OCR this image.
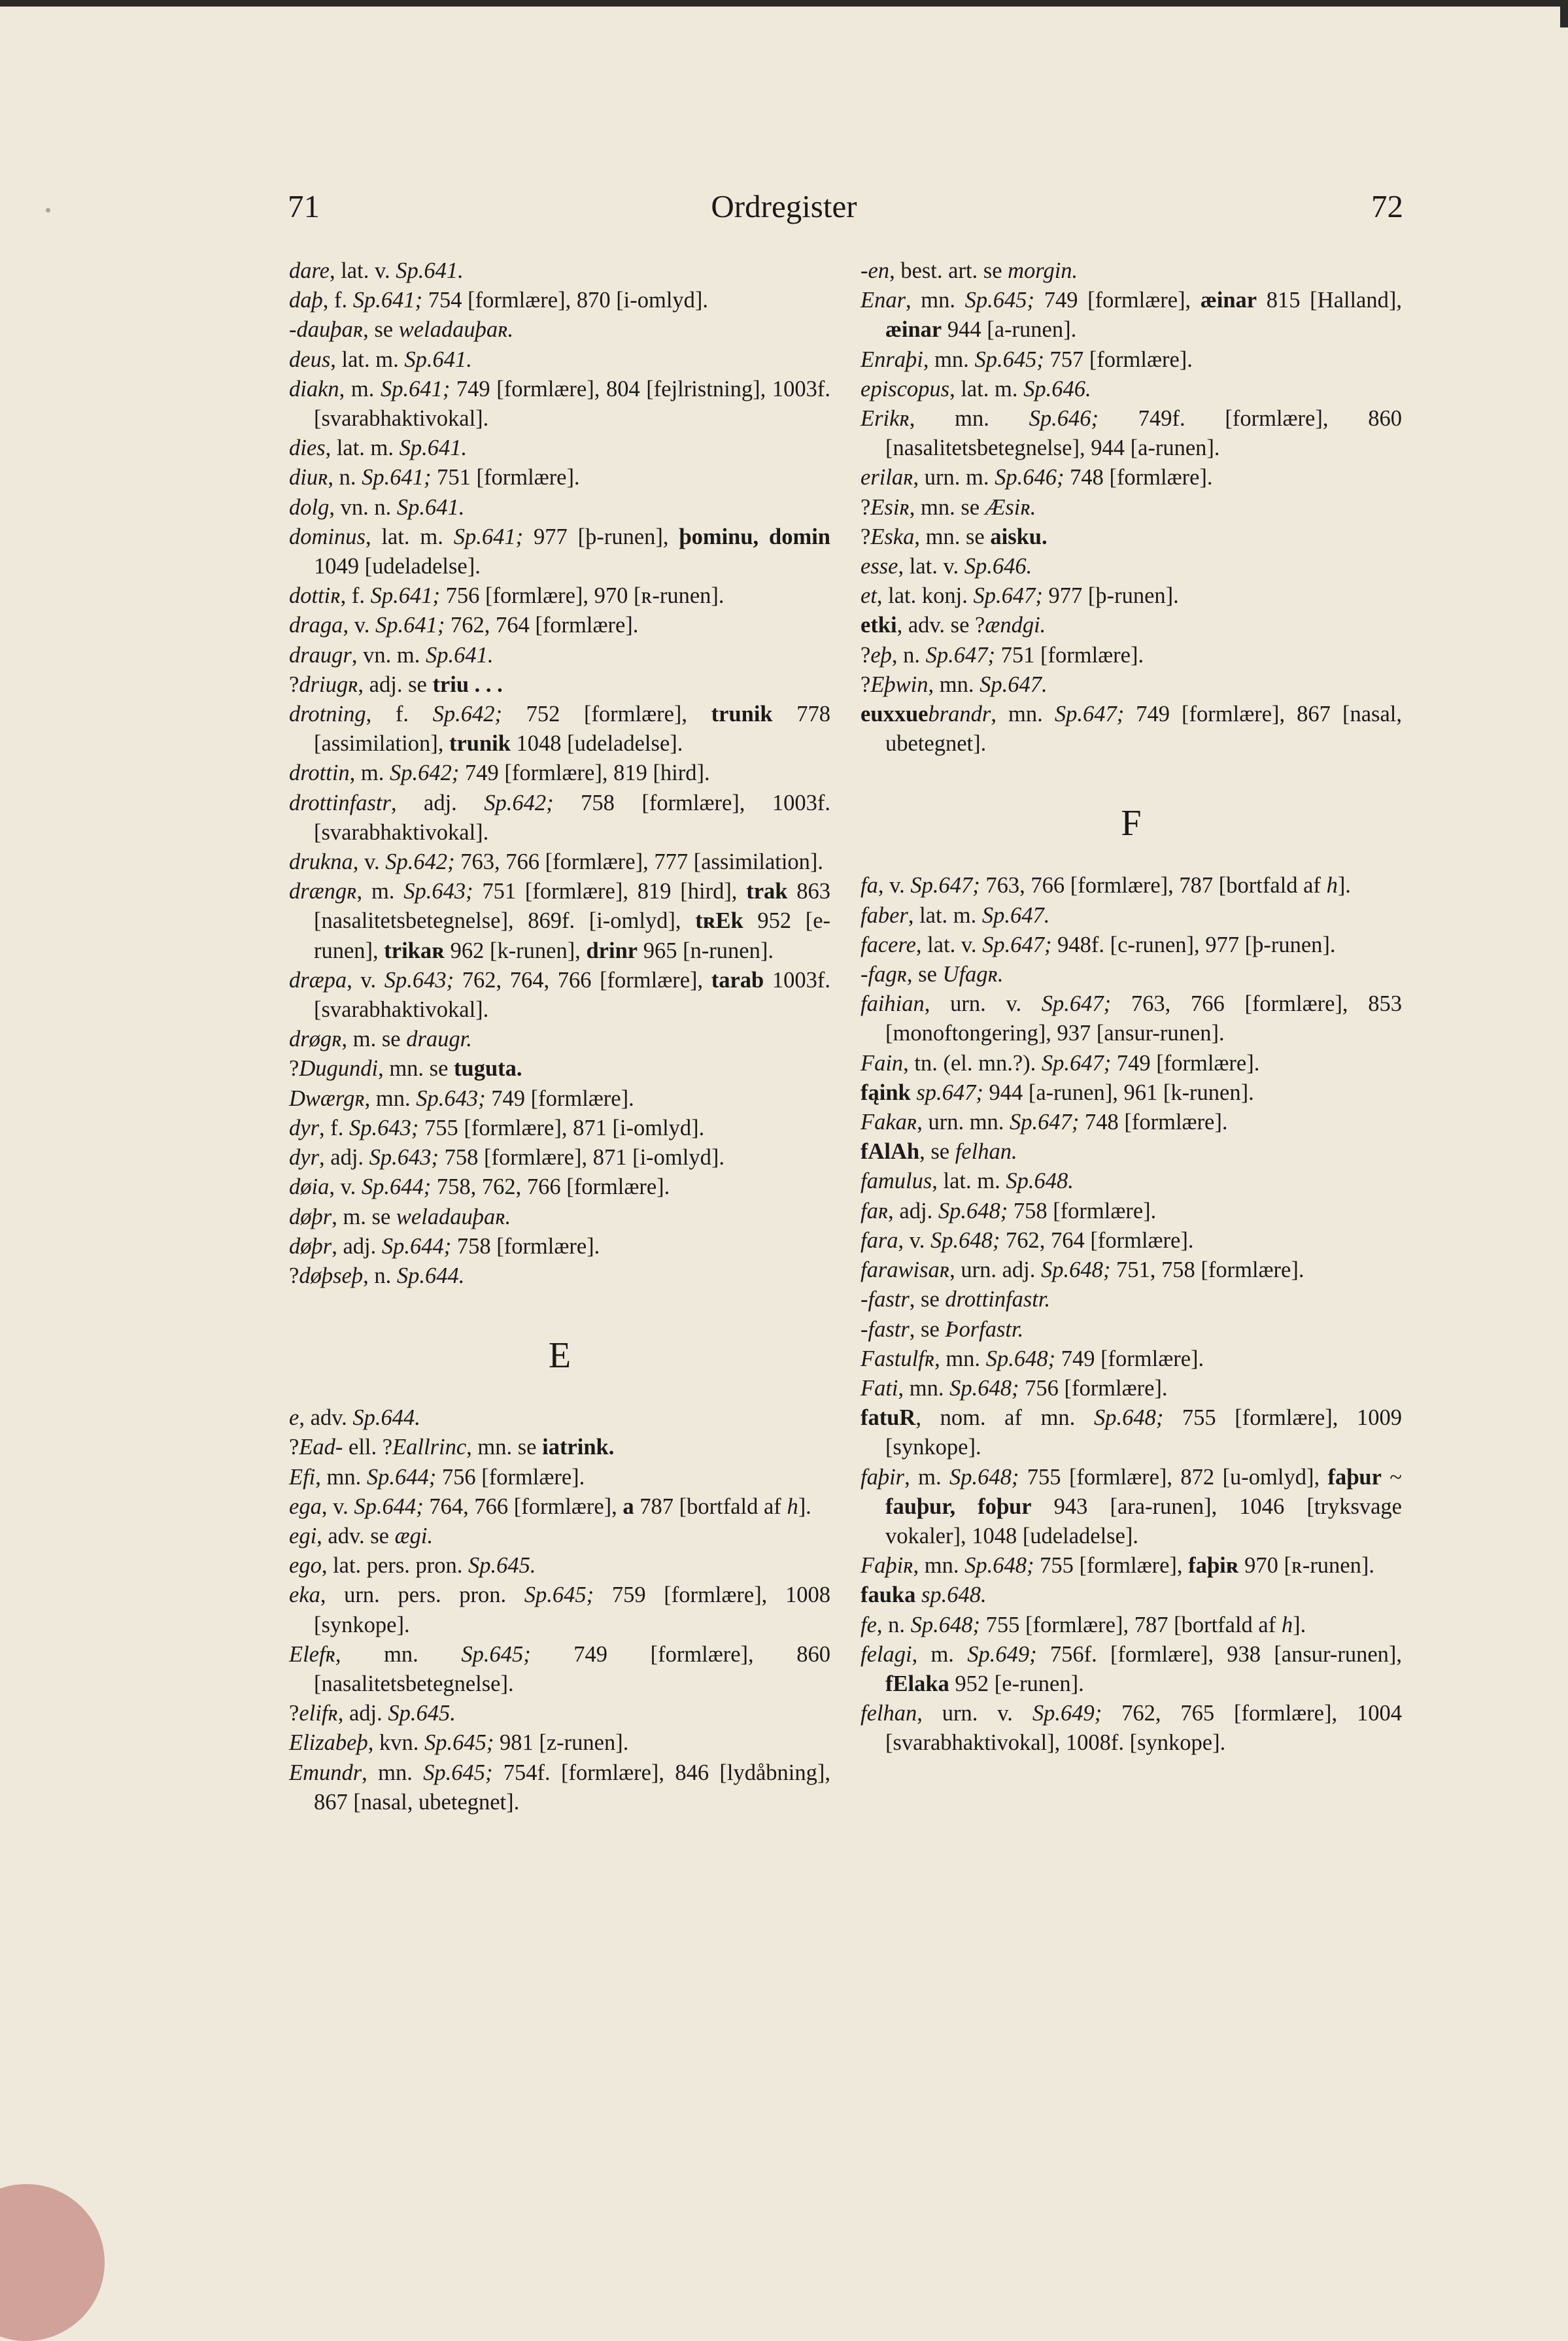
71	Ordregister	72
dare, lat. v. Sp.641.
daþ, f. Sp.641; 754 [formlære], 870 [i-omlyd].
-dauþaʀ, se weladauþaʀ.
deus, lat. m. Sp.641.
diakn, m. Sp.641; 749 [formlære], 804 [fejlristning], 1003f. [svarabhaktivokal].
dies, lat. m. Sp.641.
diuʀ, n. Sp.641; 751 [formlære].
dolg, vn. n. Sp.641.
dominus, lat. m. Sp.641; 977 [þ-runen], þominu, domin 1049 [udeladelse].
dottiʀ, f. Sp.641; 756 [formlære], 970 [ʀ-runen].
draga, v. Sp.641; 762, 764 [formlære].
draugr, vn. m. Sp.641.
?driugʀ, adj. se triu . . .
drotning, f. Sp.642; 752 [formlære], trunik 778 [assimilation], trunik 1048 [udeladelse].
drottin, m. Sp.642; 749 [formlære], 819 [hird].
drottinfastr, adj. Sp.642; 758 [formlære], 1003f. [svarabhaktivokal].
drukna, v. Sp.642; 763, 766 [formlære], 777 [assimilation].
drængʀ, m. Sp.643; 751 [formlære], 819 [hird], trak 863 [nasalitetsbetegnelse], 869f. [i-omlyd], tʀEk 952 [e-runen], trikaʀ 962 [k-runen], drinr 965 [n-runen].
dræpa, v. Sp.643; 762, 764, 766 [formlære], tarab 1003f. [svarabhaktivokal].
drøgʀ, m. se draugr.
?Dugundi, mn. se tuguta.
Dwærgʀ, mn. Sp.643; 749 [formlære].
dyr, f. Sp.643; 755 [formlære], 871 [i-omlyd].
dyr, adj. Sp.643; 758 [formlære], 871 [i-omlyd].
døia, v. Sp.644; 758, 762, 766 [formlære].
døþr, m. se weladauþaʀ.
døþr, adj. Sp.644; 758 [formlære].
?døþseþ, n. Sp.644.
E
e, adv. Sp.644.
?Ead- ell. ?Eallrinc, mn. se iatrink.
Efi, mn. Sp.644; 756 [formlære].
ega, v. Sp.644; 764, 766 [formlære], a 787 [bortfald af h].
egi, adv. se ægi.
ego, lat. pers. pron. Sp.645.
eka, urn. pers. pron. Sp.645; 759 [formlære], 1008 [synkope].
Elefʀ, mn. Sp.645; 749 [formlære], 860 [nasalitetsbetegnelse].
?elifʀ, adj. Sp.645.
Elizabeþ, kvn. Sp.645; 981 [z-runen].
Emundr, mn. Sp.645; 754f. [formlære], 846 [lydåbning], 867 [nasal, ubetegnet].
-en, best. art. se morgin.
Enar, mn. Sp.645; 749 [formlære], æinar 815 [Halland], æinar 944 [a-runen].
Enraþi, mn. Sp.645; 757 [formlære].
episcopus, lat. m. Sp.646.
Erikʀ, mn. Sp.646; 749f. [formlære], 860 [nasalitetsbetegnelse], 944 [a-runen].
erilaʀ, urn. m. Sp.646; 748 [formlære].
?Esiʀ, mn. se Æsiʀ.
?Eska, mn. se aisku.
esse, lat. v. Sp.646.
et, lat. konj. Sp.647; 977 [þ-runen].
etki, adv. se ?ændgi.
?eþ, n. Sp.647; 751 [formlære].
?Eþwin, mn. Sp.647.
euxxuebrandr, mn. Sp.647; 749 [formlære], 867 [nasal, ubetegnet].
F
fa, v. Sp.647; 763, 766 [formlære], 787 [bortfald af h].
faber, lat. m. Sp.647.
facere, lat. v. Sp.647; 948f. [c-runen], 977 [þ-runen].
-fagʀ, se Ufagʀ.
faihian, urn. v. Sp.647; 763, 766 [formlære], 853 [monoftongering], 937 [ansur-runen].
Fain, tn. (el. mn.?). Sp.647; 749 [formlære].
fąink sp.647; 944 [a-runen], 961 [k-runen].
Fakaʀ, urn. mn. Sp.647; 748 [formlære].
fAlAh, se felhan.
famulus, lat. m. Sp.648.
faʀ, adj. Sp.648; 758 [formlære].
fara, v. Sp.648; 762, 764 [formlære].
farawisaʀ, urn. adj. Sp.648; 751, 758 [formlære].
-fastr, se drottinfastr.
-fastr, se Þorfastr.
Fastulfʀ, mn. Sp.648; 749 [formlære].
Fati, mn. Sp.648; 756 [formlære].
fatuR, nom. af mn. Sp.648; 755 [formlære], 1009 [synkope].
faþir, m. Sp.648; 755 [formlære], 872 [u-omlyd], faþur ~ fauþur, foþur 943 [ara-runen], 1046 [tryksvage vokaler], 1048 [udeladelse].
Faþiʀ, mn. Sp.648; 755 [formlære], faþiʀ 970 [ʀ-runen].
fauka sp.648.
fe, n. Sp.648; 755 [formlære], 787 [bortfald af h].
felagi, m. Sp.649; 756f. [formlære], 938 [ansur-runen], fElaka 952 [e-runen].
felhan, urn. v. Sp.649; 762, 765 [formlære], 1004 [svarabhaktivokal], 1008f. [synkope].
